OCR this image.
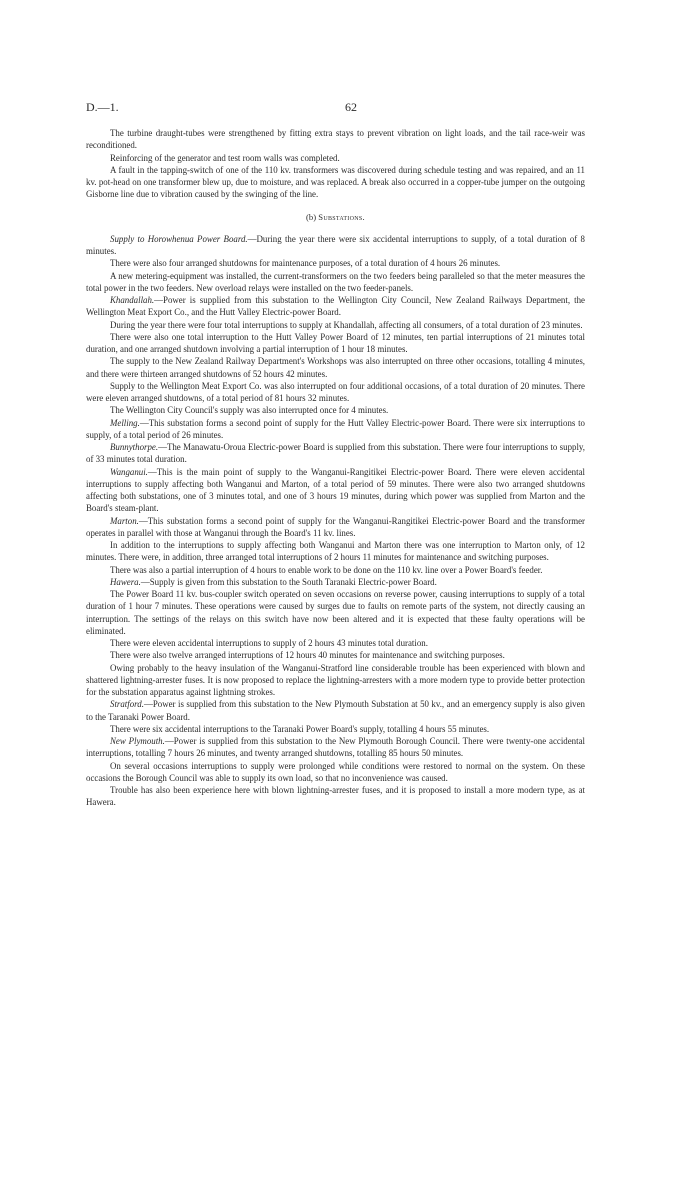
D.—1.	62

The turbine draught-tubes were strengthened by fitting extra stays to prevent vibration on light loads, and the tail race-weir was reconditioned.

Reinforcing of the generator and test room walls was completed.

A fault in the tapping-switch of one of the 110 kv. transformers was discovered during schedule testing and was repaired, and an 11 kv. pot-head on one transformer blew up, due to moisture, and was replaced. A break also occurred in a copper-tube jumper on the outgoing Gisborne line due to vibration caused by the swinging of the line.

(b) Substations.

Supply to Horowhenua Power Board.—During the year there were six accidental interruptions to supply, of a total duration of 8 minutes.

There were also four arranged shutdowns for maintenance purposes, of a total duration of 4 hours 26 minutes.

A new metering-equipment was installed, the current-transformers on the two feeders being paralleled so that the meter measures the total power in the two feeders. New overload relays were installed on the two feeder-panels.

Khandallah.—Power is supplied from this substation to the Wellington City Council, New Zealand Railways Department, the Wellington Meat Export Co., and the Hutt Valley Electric-power Board.

During the year there were four total interruptions to supply at Khandallah, affecting all consumers, of a total duration of 23 minutes.

There were also one total interruption to the Hutt Valley Power Board of 12 minutes, ten partial interruptions of 21 minutes total duration, and one arranged shutdown involving a partial interruption of 1 hour 18 minutes.

The supply to the New Zealand Railway Department's Workshops was also interrupted on three other occasions, totalling 4 minutes, and there were thirteen arranged shutdowns of 52 hours 42 minutes.

Supply to the Wellington Meat Export Co. was also interrupted on four additional occasions, of a total duration of 20 minutes. There were eleven arranged shutdowns, of a total period of 81 hours 32 minutes.

The Wellington City Council's supply was also interrupted once for 4 minutes.

Melling.—This substation forms a second point of supply for the Hutt Valley Electric-power Board. There were six interruptions to supply, of a total period of 26 minutes.

Bunnythorpe.—The Manawatu-Oroua Electric-power Board is supplied from this substation. There were four interruptions to supply, of 33 minutes total duration.

Wanganui.—This is the main point of supply to the Wanganui-Rangitikei Electric-power Board. There were eleven accidental interruptions to supply affecting both Wanganui and Marton, of a total period of 59 minutes. There were also two arranged shutdowns affecting both substations, one of 3 minutes total, and one of 3 hours 19 minutes, during which power was supplied from Marton and the Board's steam-plant.

Marton.—This substation forms a second point of supply for the Wanganui-Rangitikei Electric-power Board and the transformer operates in parallel with those at Wanganui through the Board's 11 kv. lines.

In addition to the interruptions to supply affecting both Wanganui and Marton there was one interruption to Marton only, of 12 minutes. There were, in addition, three arranged total interruptions of 2 hours 11 minutes for maintenance and switching purposes.

There was also a partial interruption of 4 hours to enable work to be done on the 110 kv. line over a Power Board's feeder.

Hawera.—Supply is given from this substation to the South Taranaki Electric-power Board.

The Power Board 11 kv. bus-coupler switch operated on seven occasions on reverse power, causing interruptions to supply of a total duration of 1 hour 7 minutes. These operations were caused by surges due to faults on remote parts of the system, not directly causing an interruption. The settings of the relays on this switch have now been altered and it is expected that these faulty operations will be eliminated.

There were eleven accidental interruptions to supply of 2 hours 43 minutes total duration.

There were also twelve arranged interruptions of 12 hours 40 minutes for maintenance and switching purposes.

Owing probably to the heavy insulation of the Wanganui-Stratford line considerable trouble has been experienced with blown and shattered lightning-arrester fuses. It is now proposed to replace the lightning-arresters with a more modern type to provide better protection for the substation apparatus against lightning strokes.

Stratford.—Power is supplied from this substation to the New Plymouth Substation at 50 kv., and an emergency supply is also given to the Taranaki Power Board.

There were six accidental interruptions to the Taranaki Power Board's supply, totalling 4 hours 55 minutes.

New Plymouth.—Power is supplied from this substation to the New Plymouth Borough Council. There were twenty-one accidental interruptions, totalling 7 hours 26 minutes, and twenty arranged shutdowns, totalling 85 hours 50 minutes.

On several occasions interruptions to supply were prolonged while conditions were restored to normal on the system. On these occasions the Borough Council was able to supply its own load, so that no inconvenience was caused.

Trouble has also been experience here with blown lightning-arrester fuses, and it is proposed to install a more modern type, as at Hawera.
